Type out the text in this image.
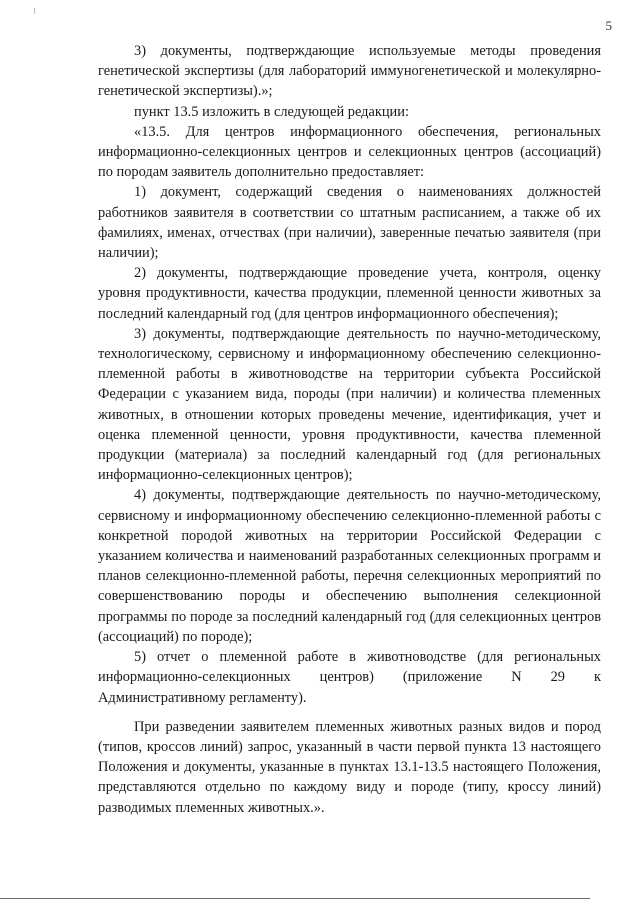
5

3) документы, подтверждающие используемые методы проведения генетической экспертизы (для лабораторий иммуногенетической и молекулярно-генетической экспертизы).»;

пункт 13.5 изложить в следующей редакции:

«13.5. Для центров информационного обеспечения, региональных информационно-селекционных центров и селекционных центров (ассоциаций) по породам заявитель дополнительно предоставляет:

1) документ, содержащий сведения о наименованиях должностей работников заявителя в соответствии со штатным расписанием, а также об их фамилиях, именах, отчествах (при наличии), заверенные печатью заявителя (при наличии);

2) документы, подтверждающие проведение учета, контроля, оценку уровня продуктивности, качества продукции, племенной ценности животных за последний календарный год (для центров информационного обеспечения);

3) документы, подтверждающие деятельность по научно-методическому, технологическому, сервисному и информационному обеспечению селекционно-племенной работы в животноводстве на территории субъекта Российской Федерации с указанием вида, породы (при наличии) и количества племенных животных, в отношении которых проведены мечение, идентификация, учет и оценка племенной ценности, уровня продуктивности, качества племенной продукции (материала) за последний календарный год (для региональных информационно-селекционных центров);

4) документы, подтверждающие деятельность по научно-методическому, сервисному и информационному обеспечению селекционно-племенной работы с конкретной породой животных на территории Российской Федерации с указанием количества и наименований разработанных селекционных программ и планов селекционно-племенной работы, перечня селекционных мероприятий по совершенствованию породы и обеспечению выполнения селекционной программы по породе за последний календарный год (для селекционных центров (ассоциаций) по породе);

5) отчет о племенной работе в животноводстве (для региональных информационно-селекционных центров) (приложение N 29 к Административному регламенту).

При разведении заявителем племенных животных разных видов и пород (типов, кроссов линий) запрос, указанный в части первой пункта 13 настоящего Положения и документы, указанные в пунктах 13.1-13.5 настоящего Положения, представляются отдельно по каждому виду и породе (типу, кроссу линий) разводимых племенных животных.».
